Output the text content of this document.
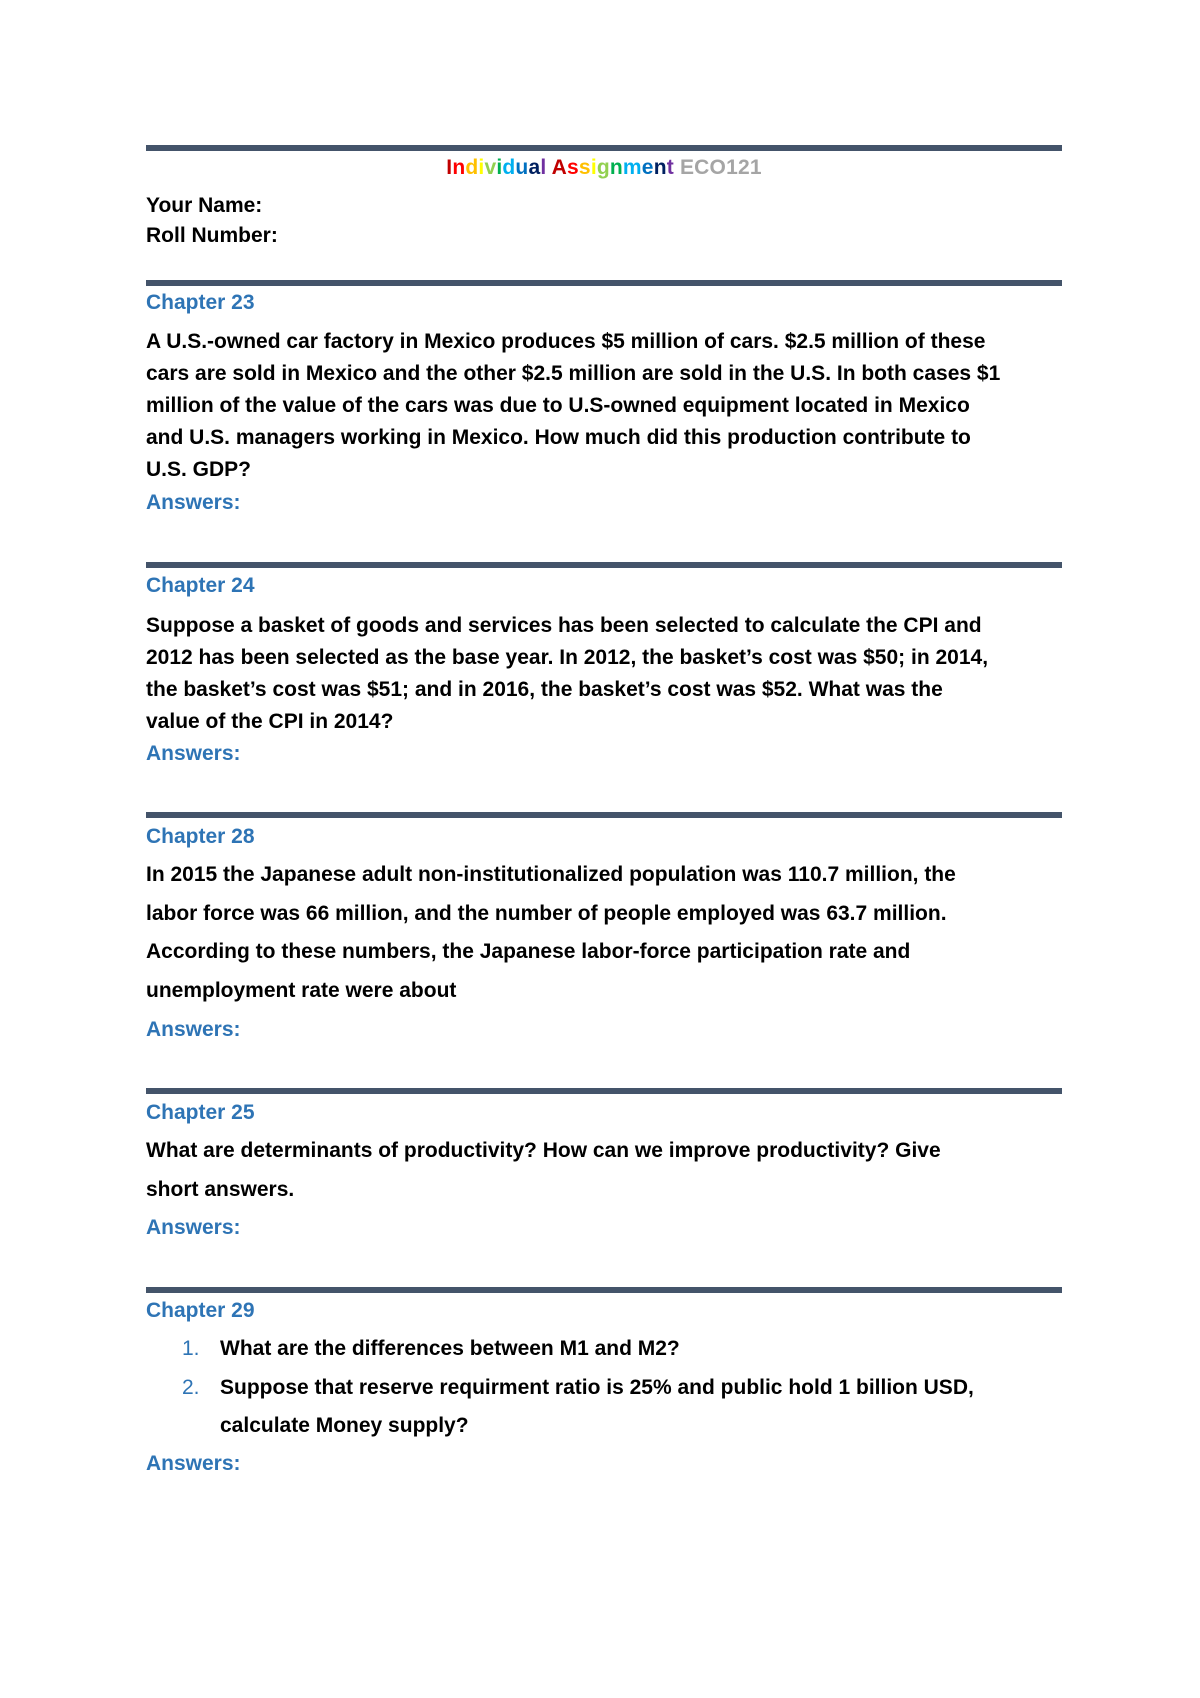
Individual Assignment ECO121
Your Name:
Roll Number:
Chapter 23
A U.S.-owned car factory in Mexico produces $5 million of cars. $2.5 million of these
cars are sold in Mexico and the other $2.5 million are sold in the U.S. In both cases $1
million of the value of the cars was due to U.S-owned equipment located in Mexico
and U.S. managers working in Mexico. How much did this production contribute to
U.S. GDP?
Answers:
Chapter 24
Suppose a basket of goods and services has been selected to calculate the CPI and
2012 has been selected as the base year. In 2012, the basket’s cost was $50; in 2014,
the basket’s cost was $51; and in 2016, the basket’s cost was $52. What was the
value of the CPI in 2014?
Answers:
Chapter 28
In 2015 the Japanese adult non-institutionalized population was 110.7 million, the
labor force was 66 million, and the number of people employed was 63.7 million.
According to these numbers, the Japanese labor-force participation rate and
unemployment rate were about
Answers:
Chapter 25
What are determinants of productivity? How can we improve productivity? Give
short answers.
Answers:
Chapter 29
1. What are the differences between M1 and M2?
2. Suppose that reserve requirment ratio is 25% and public hold 1 billion USD,
calculate Money supply?
Answers:
